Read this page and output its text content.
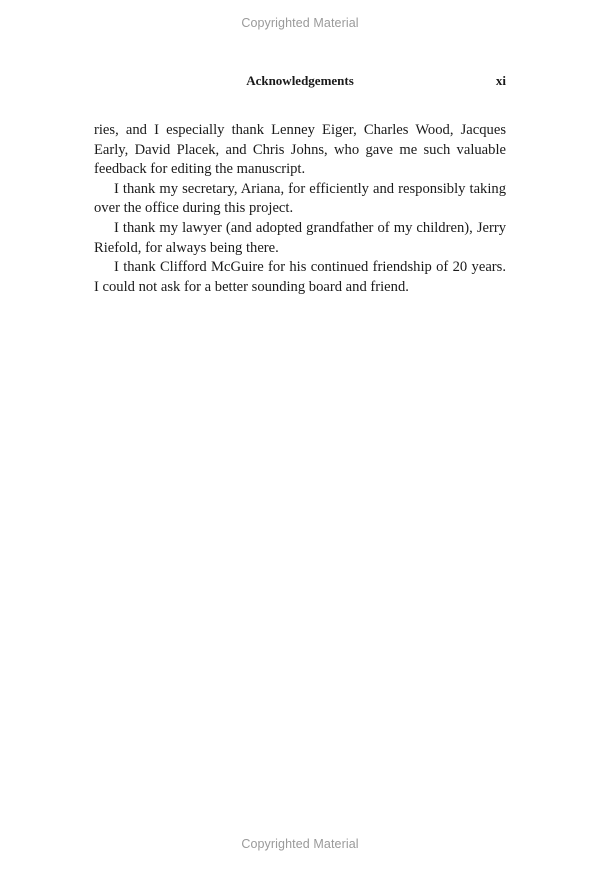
Copyrighted Material
Acknowledgements	xi

ries, and I especially thank Lenney Eiger, Charles Wood, Jacques Early, David Placek, and Chris Johns, who gave me such valuable feedback for editing the manuscript.

I thank my secretary, Ariana, for efficiently and responsibly taking over the office during this project.

I thank my lawyer (and adopted grandfather of my children), Jerry Riefold, for always being there.

I thank Clifford McGuire for his continued friendship of 20 years. I could not ask for a better sounding board and friend.

Copyrighted Material
